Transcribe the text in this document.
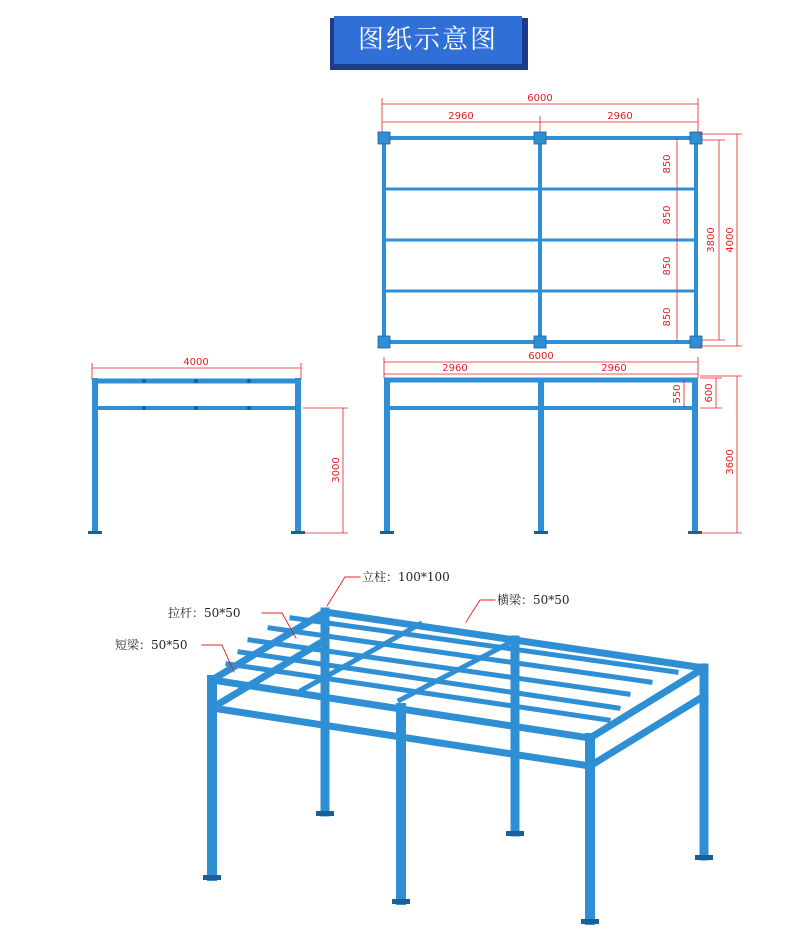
图纸示意图
6000
2960	2960
850
850
850
850
3800 4000
4000
3000
6000
2960	2960
550 600
3600
立柱：100*100
横梁：50*50
拉杆：50*50
短梁：50*50
